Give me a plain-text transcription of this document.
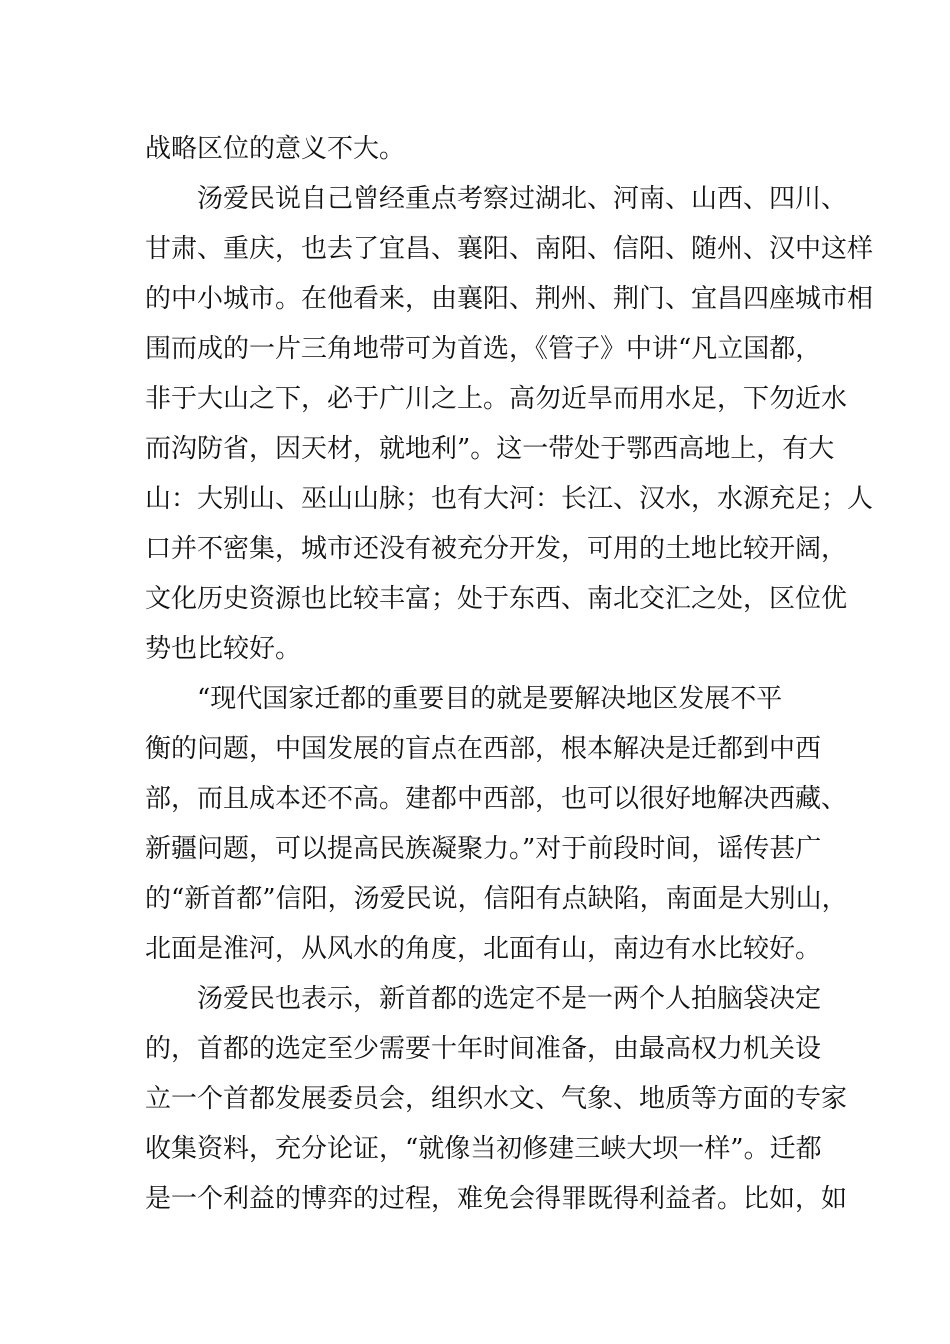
战略区位的意义不大。
汤爱民说自己曾经重点考察过湖北、河南、山西、四川、
甘肃、重庆，也去了宜昌、襄阳、南阳、信阳、随州、汉中这样
的中小城市。在他看来，由襄阳、荆州、荆门、宜昌四座城市相
围而成的一片三角地带可为首选，《管子》中讲“凡立国都，
非于大山之下，必于广川之上。高勿近旱而用水足，下勿近水
而沟防省，因天材，就地利”。这一带处于鄂西高地上，有大
山：大别山、巫山山脉；也有大河：长江、汉水，水源充足；人
口并不密集，城市还没有被充分开发，可用的土地比较开阔，
文化历史资源也比较丰富；处于东西、南北交汇之处，区位优
势也比较好。
“现代国家迁都的重要目的就是要解决地区发展不平
衡的问题，中国发展的盲点在西部，根本解决是迁都到中西
部，而且成本还不高。建都中西部，也可以很好地解决西藏、
新疆问题，可以提高民族凝聚力。”对于前段时间，谣传甚广
的“新首都”信阳，汤爱民说，信阳有点缺陷，南面是大别山，
北面是淮河，从风水的角度，北面有山，南边有水比较好。
汤爱民也表示，新首都的选定不是一两个人拍脑袋决定
的，首都的选定至少需要十年时间准备，由最高权力机关设
立一个首都发展委员会，组织水文、气象、地质等方面的专家
收集资料，充分论证，“就像当初修建三峡大坝一样”。迁都
是一个利益的博弈的过程，难免会得罪既得利益者。比如，如
